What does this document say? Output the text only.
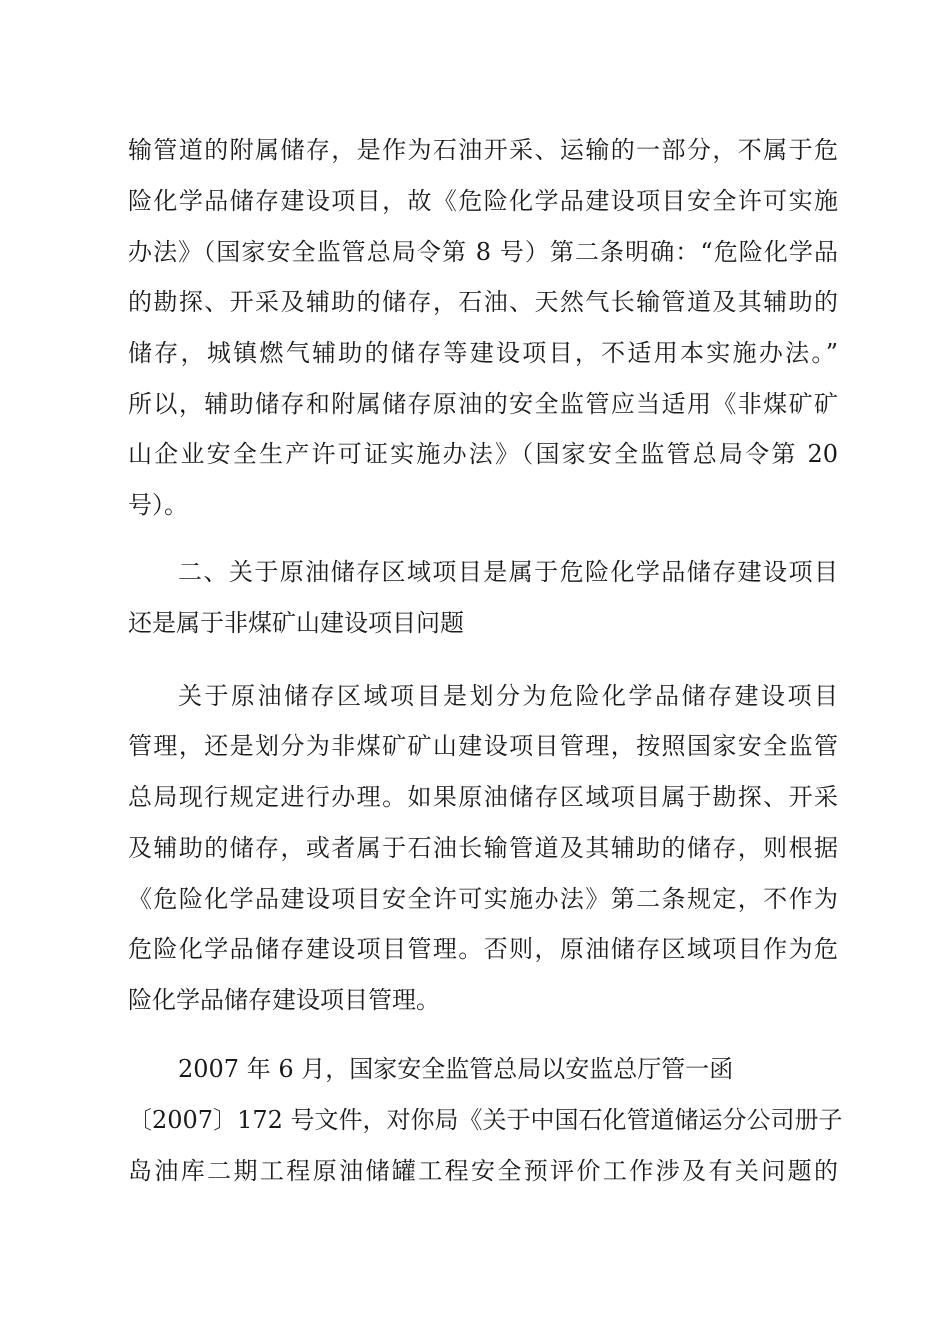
输管道的附属储存，是作为石油开采、运输的一部分，不属于危
险化学品储存建设项目，故《危险化学品建设项目安全许可实施
办法》（国家安全监管总局令第 8 号）第二条明确：“危险化学品
的勘探、开采及辅助的储存，石油、天然气长输管道及其辅助的
储存，城镇燃气辅助的储存等建设项目，不适用本实施办法。”
所以，辅助储存和附属储存原油的安全监管应当适用《非煤矿矿
山企业安全生产许可证实施办法》（国家安全监管总局令第 20
号）。
二、关于原油储存区域项目是属于危险化学品储存建设项目
还是属于非煤矿山建设项目问题
关于原油储存区域项目是划分为危险化学品储存建设项目
管理，还是划分为非煤矿矿山建设项目管理，按照国家安全监管
总局现行规定进行办理。如果原油储存区域项目属于勘探、开采
及辅助的储存，或者属于石油长输管道及其辅助的储存，则根据
《危险化学品建设项目安全许可实施办法》第二条规定，不作为
危险化学品储存建设项目管理。否则，原油储存区域项目作为危
险化学品储存建设项目管理。
2007 年 6 月，国家安全监管总局以安监总厅管一函
〔2007〕172 号文件，对你局《关于中国石化管道储运分公司册子
岛油库二期工程原油储罐工程安全预评价工作涉及有关问题的
